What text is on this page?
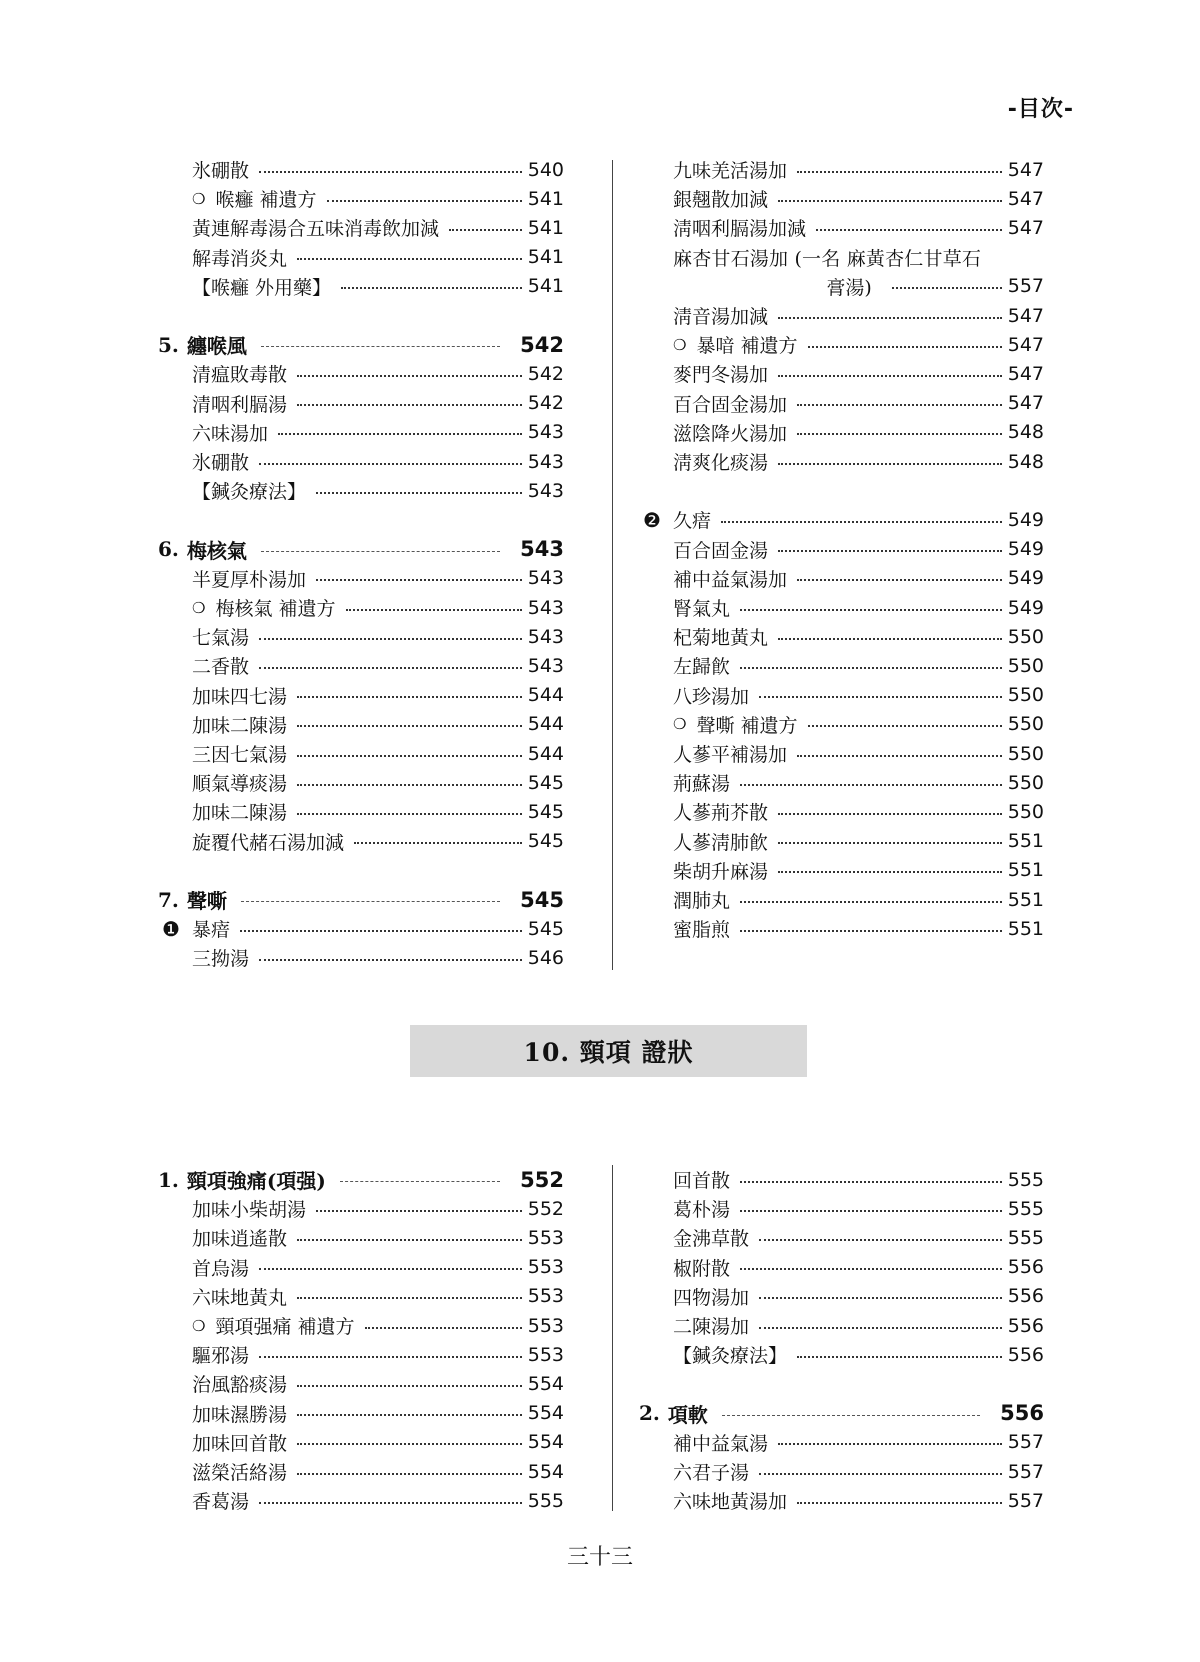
-目次-
氷硼散	540
❍ 喉癰 補遺方	541
黃連解毒湯合五味消毒飲加減	541
解毒消炎丸	541
【喉癰 外用藥】	541
5. 纏喉風	542
清瘟敗毒散	542
清咽利膈湯	542
六味湯加	543
氷硼散	543
【鍼灸療法】	543
6. 梅核氣	543
半夏厚朴湯加	543
❍ 梅核氣 補遺方	543
七氣湯	543
二香散	543
加味四七湯	544
加味二陳湯	544
三因七氣湯	544
順氣導痰湯	545
加味二陳湯	545
旋覆代赭石湯加減	545
7. 聲嘶	545
❶ 暴瘖	545
三拗湯	546
九味羌活湯加	547
銀翹散加減	547
淸咽利膈湯加減	547
麻杏甘石湯加 (一名 麻黃杏仁甘草石
膏湯)	557
淸音湯加減	547
❍ 暴喑 補遺方	547
麥門冬湯加	547
百合固金湯加	547
滋陰降火湯加	548
淸爽化痰湯	548
❷ 久瘖	549
百合固金湯	549
補中益氣湯加	549
腎氣丸	549
杞菊地黃丸	550
左歸飮	550
八珍湯加	550
❍ 聲嘶 補遺方	550
人蔘平補湯加	550
荊蘇湯	550
人蔘荊芥散	550
人蔘淸肺飮	551
柴胡升麻湯	551
潤肺丸	551
蜜脂煎	551
10. 頸項 證狀
1. 頸項強痛(項强)	552
加味小柴胡湯	552
加味逍遙散	553
首烏湯	553
六味地黃丸	553
❍ 頸項强痛 補遺方	553
驅邪湯	553
治風豁痰湯	554
加味濕勝湯	554
加味回首散	554
滋榮活絡湯	554
香葛湯	555
回首散	555
葛朴湯	555
金沸草散	555
椒附散	556
四物湯加	556
二陳湯加	556
【鍼灸療法】	556
2. 項軟	556
補中益氣湯	557
六君子湯	557
六味地黃湯加	557
三十三
